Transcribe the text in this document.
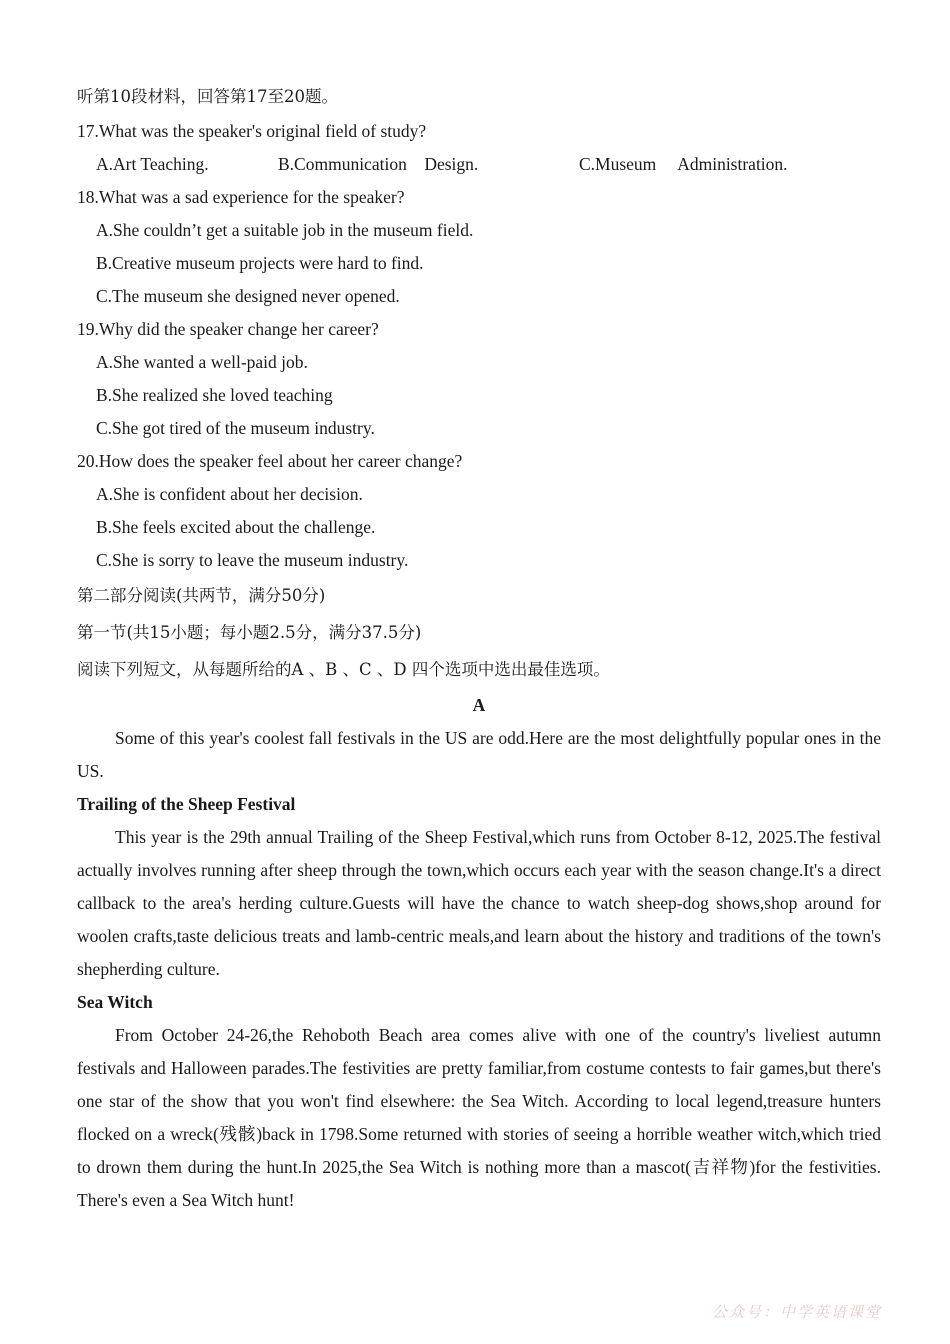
听第10段材料，回答第17至20题。
17.What was the speaker's original field of study?
A.Art Teaching.	B.Communication    Design.	C.Museum     Administration.
18.What was a sad experience for the speaker?
A.She couldn’t get a suitable job in the museum field.
B.Creative museum projects were hard to find.
C.The museum she designed never opened.
19.Why did the speaker change her career?
A.She wanted a well-paid job.
B.She realized she loved teaching
C.She got tired of the museum industry.
20.How does the speaker feel about her career change?
A.She is confident about her decision.
B.She feels excited about the challenge.
C.She is sorry to leave the museum industry.
第二部分阅读(共两节，满分50分)
第一节(共15小题；每小题2.5分，满分37.5分)
阅读下列短文，从每题所给的A 、B 、C 、D 四个选项中选出最佳选项。
A

Some of this year's coolest fall festivals in the US are odd.Here are the most delightfully popular ones in the US.

Trailing of the Sheep Festival

This year is the 29th annual Trailing of the Sheep Festival,which runs from October 8-12, 2025.The festival actually involves running after sheep through the town,which occurs each year with the season change.It's a direct callback to the area's herding culture.Guests will have the chance to watch sheep-dog shows,shop around for woolen crafts,taste delicious treats and lamb-centric meals,and learn about the history and traditions of the town's shepherding culture.

Sea Witch

From October 24-26,the Rehoboth Beach area comes alive with one of the country's liveliest autumn festivals and Halloween parades.The festivities are pretty familiar,from costume contests to fair games,but there's one star of the show that you won't find elsewhere: the Sea Witch. According to local legend,treasure hunters flocked on a wreck(残骸)back in 1798.Some returned with stories of seeing a horrible weather witch,which tried to drown them during the hunt.In 2025,the Sea Witch is nothing more than a mascot(吉祥物)for the festivities. There's even a Sea Witch hunt!

公众号：中学英语课堂
